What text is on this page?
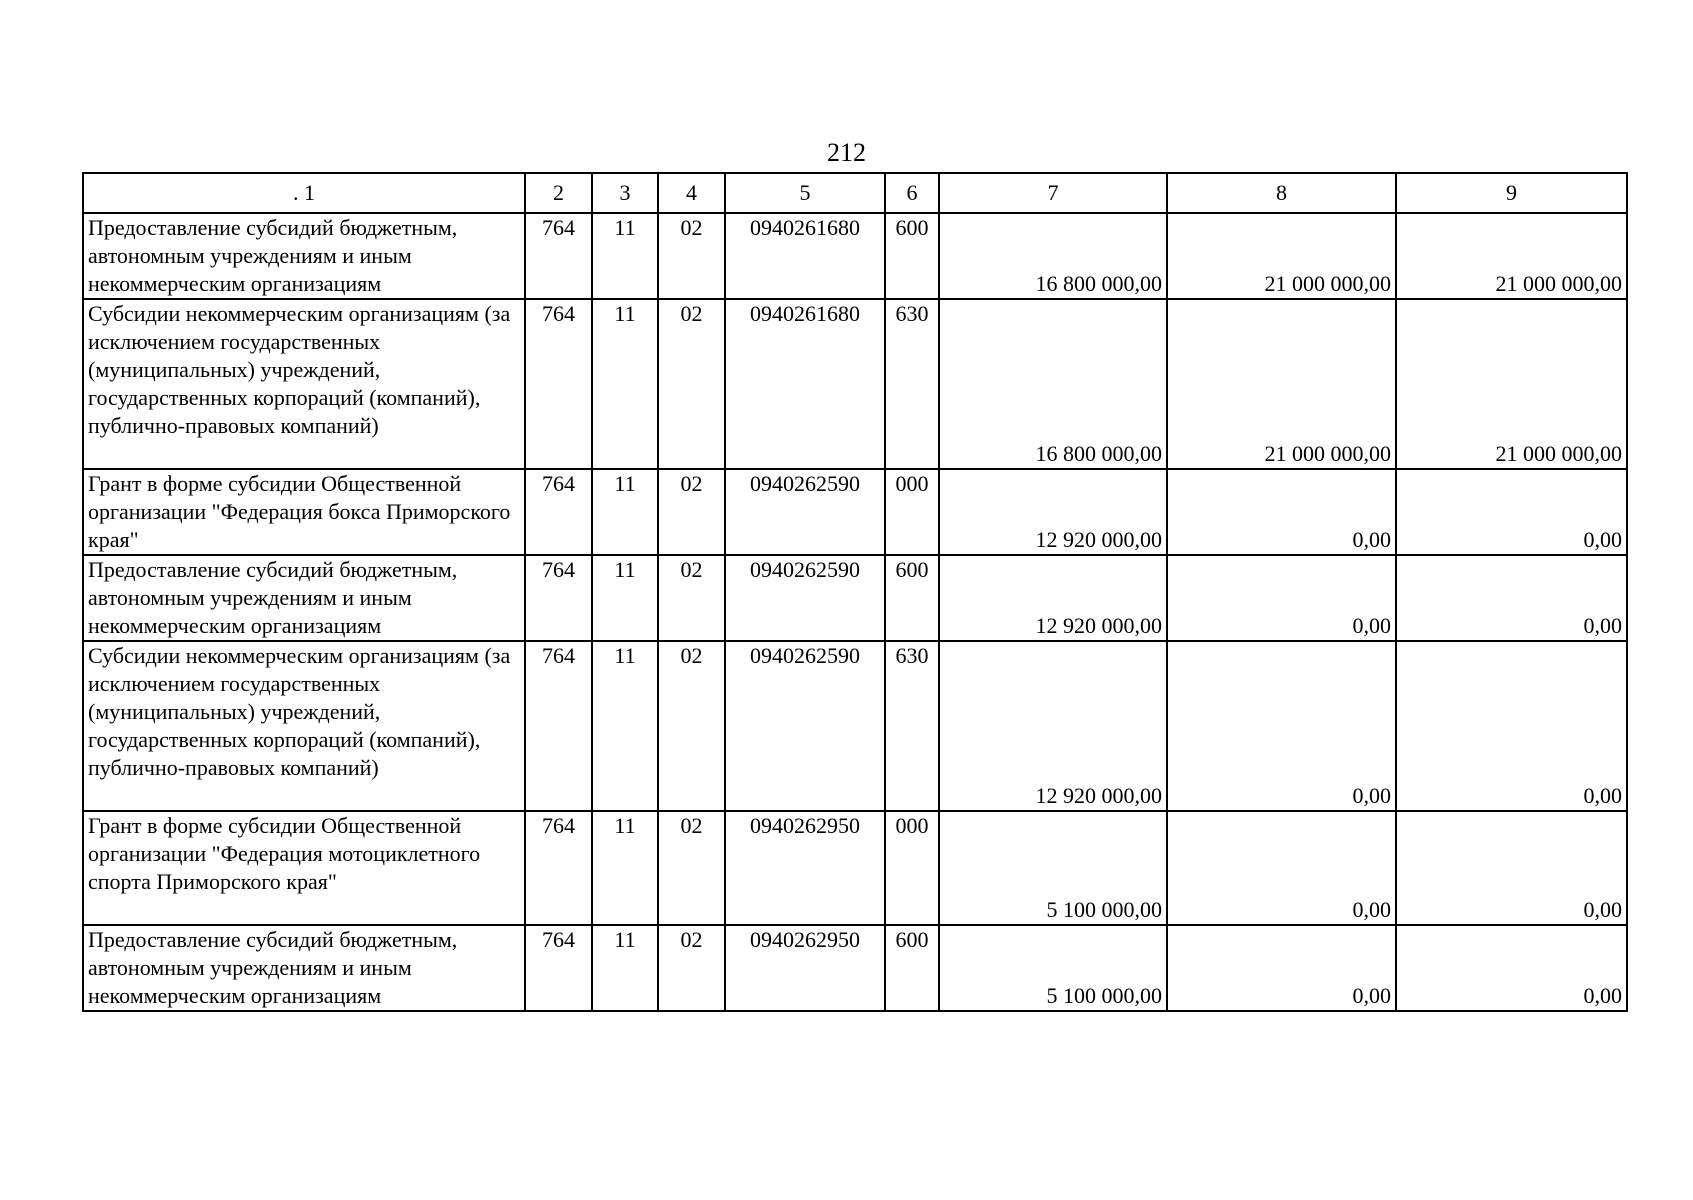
212
. 1	2	3	4	5	6	7	8	9
Предоставление субсидий бюджетным, автономным учреждениям и иным некоммерческим организациям	764	11	02	0940261680	600	16 800 000,00	21 000 000,00	21 000 000,00
Субсидии некоммерческим организациям (за исключением государственных (муниципальных) учреждений, государственных корпораций (компаний), публично-правовых компаний)	764	11	02	0940261680	630	16 800 000,00	21 000 000,00	21 000 000,00
Грант в форме субсидии Общественной организации "Федерация бокса Приморского края"	764	11	02	0940262590	000	12 920 000,00	0,00	0,00
Предоставление субсидий бюджетным, автономным учреждениям и иным некоммерческим организациям	764	11	02	0940262590	600	12 920 000,00	0,00	0,00
Субсидии некоммерческим организациям (за исключением государственных (муниципальных) учреждений, государственных корпораций (компаний), публично-правовых компаний)	764	11	02	0940262590	630	12 920 000,00	0,00	0,00
Грант в форме субсидии Общественной организации "Федерация мотоциклетного спорта Приморского края"	764	11	02	0940262950	000	5 100 000,00	0,00	0,00
Предоставление субсидий бюджетным, автономным учреждениям и иным некоммерческим организациям	764	11	02	0940262950	600	5 100 000,00	0,00	0,00
